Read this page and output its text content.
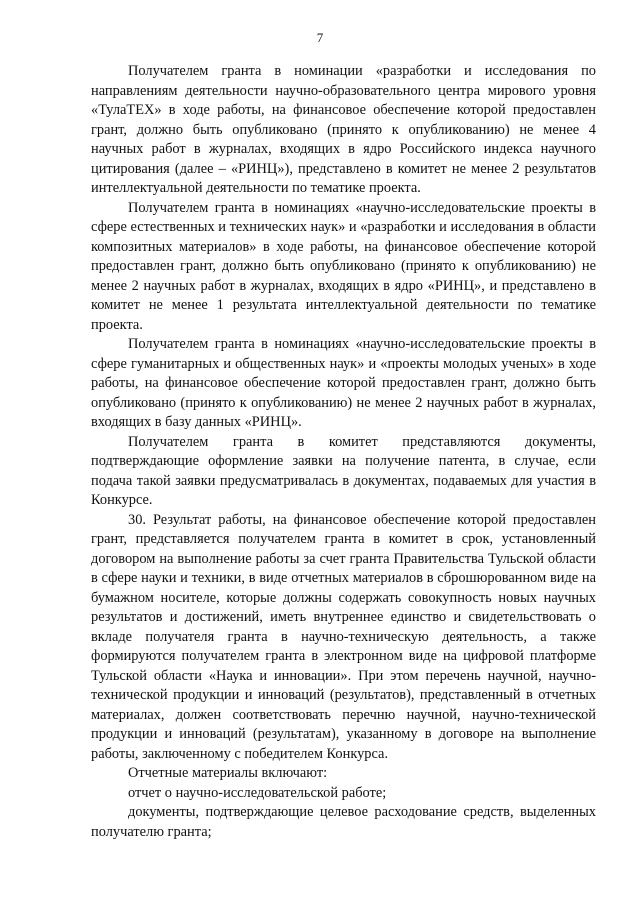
7

Получателем гранта в номинации «разработки и исследования по направлениям деятельности научно-образовательного центра мирового уровня «ТулаТЕХ» в ходе работы, на финансовое обеспечение которой предоставлен грант, должно быть опубликовано (принято к опубликованию) не менее 4 научных работ в журналах, входящих в ядро Российского индекса научного цитирования (далее – «РИНЦ»), представлено в комитет не менее 2 результатов интеллектуальной деятельности по тематике проекта.

Получателем гранта в номинациях «научно-исследовательские проекты в сфере естественных и технических наук» и «разработки и исследования в области композитных материалов» в ходе работы, на финансовое обеспечение которой предоставлен грант, должно быть опубликовано (принято к опубликованию) не менее 2 научных работ в журналах, входящих в ядро «РИНЦ», и представлено в комитет не менее 1 результата интеллектуальной деятельности по тематике проекта.

Получателем гранта в номинациях «научно-исследовательские проекты в сфере гуманитарных и общественных наук» и «проекты молодых ученых» в ходе работы, на финансовое обеспечение которой предоставлен грант, должно быть опубликовано (принято к опубликованию) не менее 2 научных работ в журналах, входящих в базу данных «РИНЦ».

Получателем гранта в комитет представляются документы, подтверждающие оформление заявки на получение патента, в случае, если подача такой заявки предусматривалась в документах, подаваемых для участия в Конкурсе.

30. Результат работы, на финансовое обеспечение которой предоставлен грант, представляется получателем гранта в комитет в срок, установленный договором на выполнение работы за счет гранта Правительства Тульской области в сфере науки и техники, в виде отчетных материалов в сброшюрованном виде на бумажном носителе, которые должны содержать совокупность новых научных результатов и достижений, иметь внутреннее единство и свидетельствовать о вкладе получателя гранта в научно-техническую деятельность, а также формируются получателем гранта в электронном виде на цифровой платформе Тульской области «Наука и инновации». При этом перечень научной, научно-технической продукции и инноваций (результатов), представленный в отчетных материалах, должен соответствовать перечню научной, научно-технической продукции и инноваций (результатам), указанному в договоре на выполнение работы, заключенному с победителем Конкурса.

Отчетные материалы включают:

отчет о научно-исследовательской работе;

документы, подтверждающие целевое расходование средств, выделенных получателю гранта;
